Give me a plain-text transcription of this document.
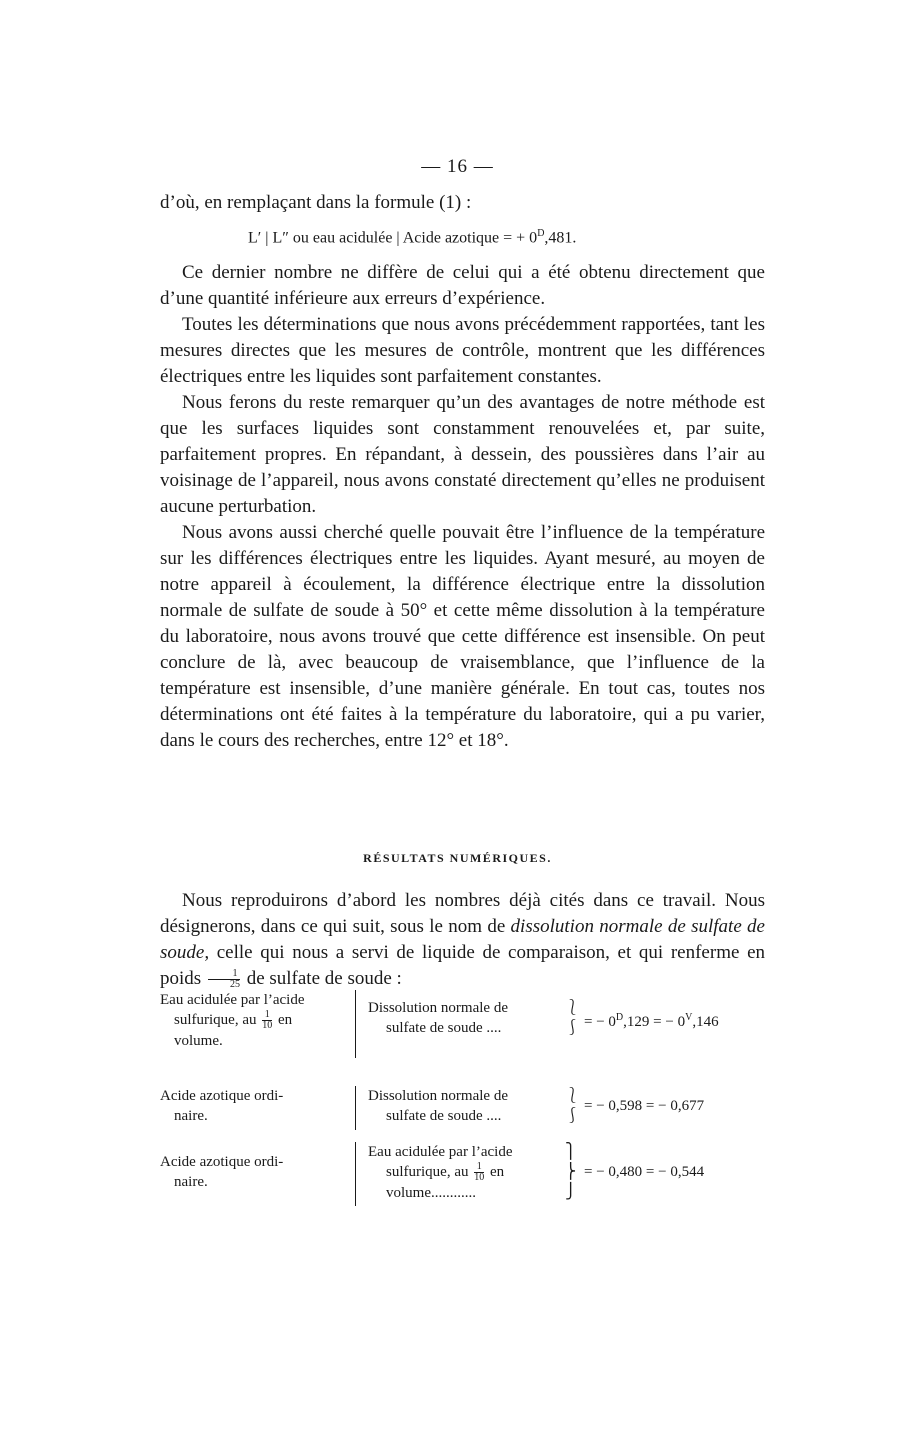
— 16 —

d’où, en remplaçant dans la formule (1) :

L′ | L″ ou eau acidulée | Acide azotique = + $0^D,481$.

Ce dernier nombre ne diffère de celui qui a été obtenu directement que d’une quantité inférieure aux erreurs d’expérience.

Toutes les déterminations que nous avons précédemment rapportées, tant les mesures directes que les mesures de contrôle, montrent que les différences électriques entre les liquides sont parfaitement constantes.

Nous ferons du reste remarquer qu’un des avantages de notre méthode est que les surfaces liquides sont constamment renouvelées et, par suite, parfaitement propres. En répandant, à dessein, des poussières dans l’air au voisinage de l’appareil, nous avons constaté directement qu’elles ne produisent aucune perturbation.

Nous avons aussi cherché quelle pouvait être l’influence de la température sur les différences électriques entre les liquides. Ayant mesuré, au moyen de notre appareil à écoulement, la différence électrique entre la dissolution normale de sulfate de soude à 50° et cette même dissolution à la température du laboratoire, nous avons trouvé que cette différence est insensible. On peut conclure de là, avec beaucoup de vraisemblance, que l’influence de la température est insensible, d’une manière générale. En tout cas, toutes nos déterminations ont été faites à la température du laboratoire, qui a pu varier, dans le cours des recherches, entre 12° et 18°.

RÉSULTATS NUMÉRIQUES.

Nous reproduirons d’abord les nombres déjà cités dans ce travail. Nous désignerons, dans ce qui suit, sous le nom de dissolution normale de sulfate de soude, celle qui nous a servi de liquide de comparaison, et qui renferme en poids $\frac{1}{25}$ de sulfate de soude :

Eau acidulée par l’acide
sulfurique, au $\frac{1}{10}$ en
volume.
Dissolution normale de
sulfate de soude ....
⎱
⎰ = − $0^D,129$ = − $0^V,146$
Acide azotique ordi-
naire.
Dissolution normale de
sulfate de soude ....
⎱
⎰
= − 0,598 = − 0,677
Acide azotique ordi-
naire.
Eau acidulée par l’acide
sulfurique, au $\frac{1}{10}$ en
volume............
⎫
⎬
⎭
= − 0,480 = − 0,544
